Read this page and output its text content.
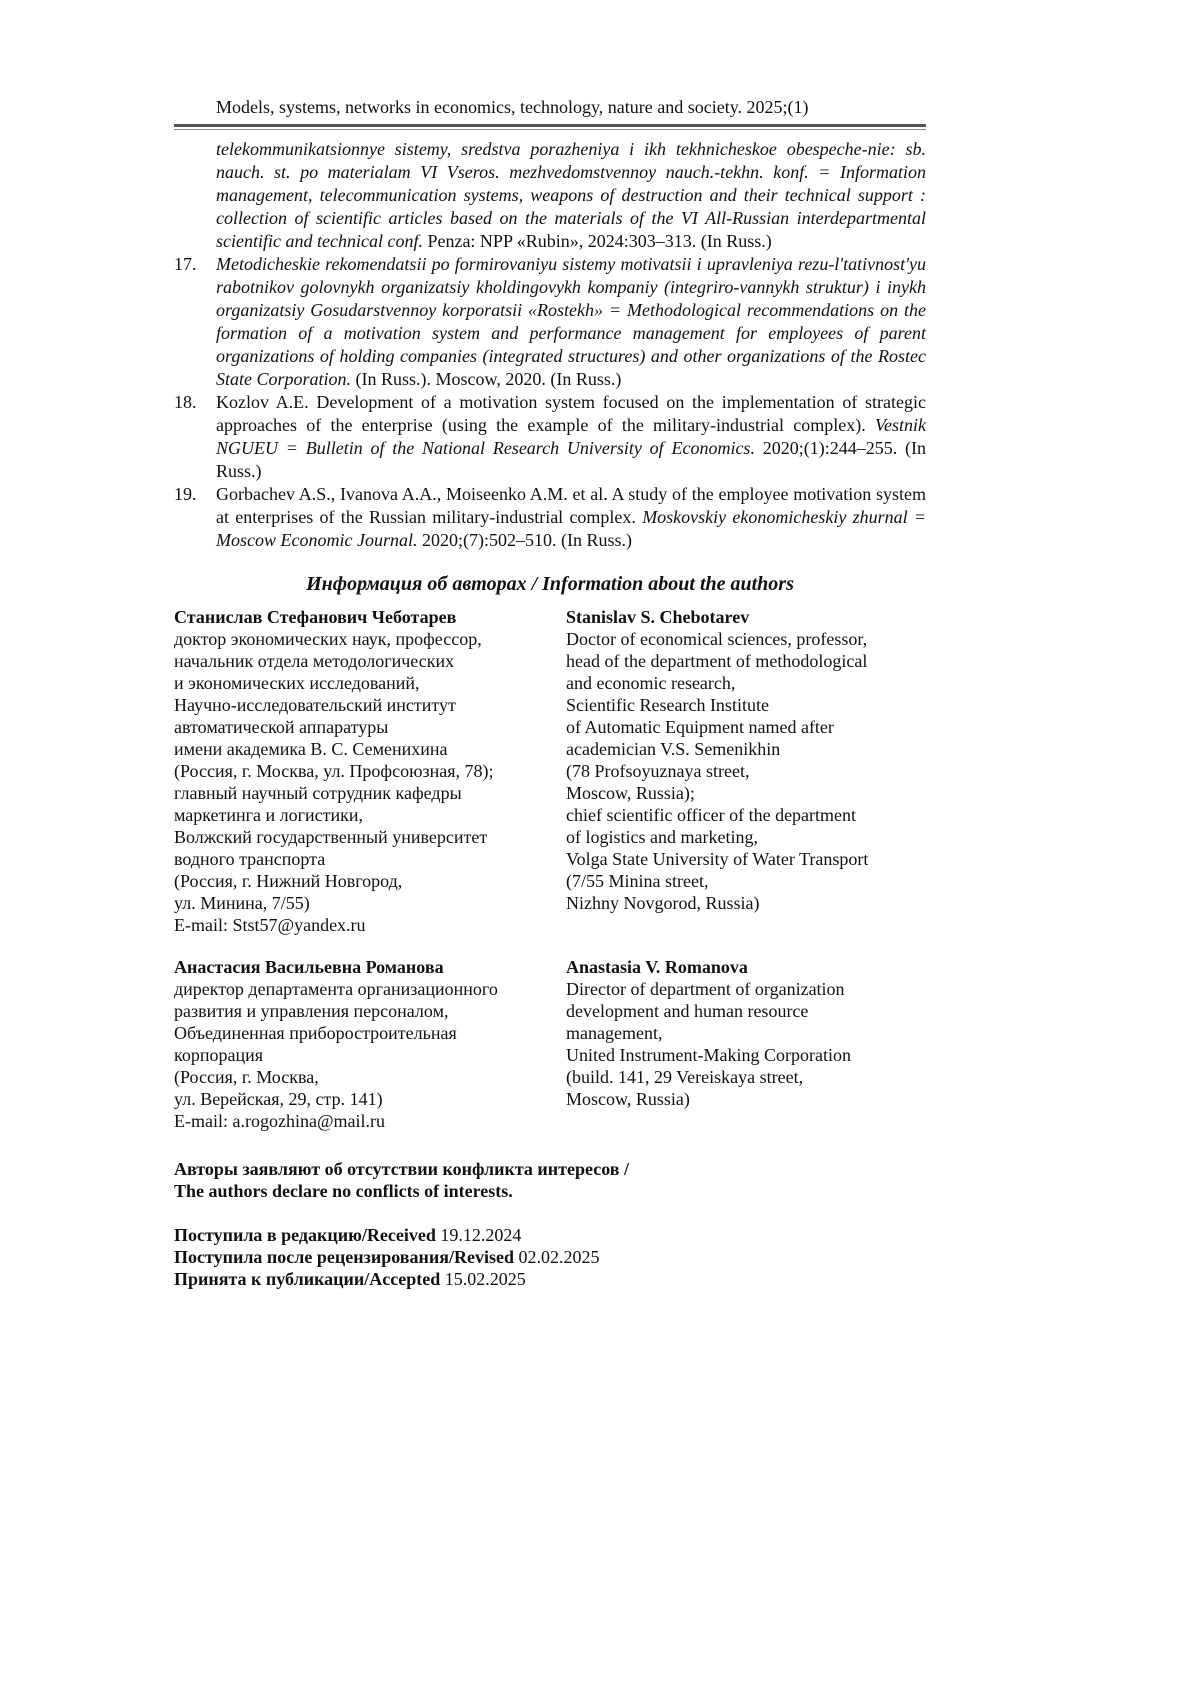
Models, systems, networks in economics, technology, nature and society. 2025;(1)

telekommunikatsionnye sistemy, sredstva porazheniya i ikh tekhnicheskoe obespeche-nie: sb. nauch. st. po materialam VI Vseros. mezhvedomstvennoy nauch.-tekhn. konf. = Information management, telecommunication systems, weapons of destruction and their technical support : collection of scientific articles based on the materials of the VI All-Russian interdepartmental scientific and technical conf. Penza: NPP «Rubin», 2024:303–313. (In Russ.)

17. Metodicheskie rekomendatsii po formirovaniyu sistemy motivatsii i upravleniya rezu-l'tativnost'yu rabotnikov golovnykh organizatsiy kholdingovykh kompaniy (integriro-vannykh struktur) i inykh organizatsiy Gosudarstvennoy korporatsii «Rostekh» = Methodological recommendations on the formation of a motivation system and performance management for employees of parent organizations of holding companies (integrated structures) and other organizations of the Rostec State Corporation. (In Russ.). Moscow, 2020. (In Russ.)

18. Kozlov A.E. Development of a motivation system focused on the implementation of strategic approaches of the enterprise (using the example of the military-industrial complex). Vestnik NGUEU = Bulletin of the National Research University of Economics. 2020;(1):244–255. (In Russ.)

19. Gorbachev A.S., Ivanova A.A., Moiseenko A.M. et al. A study of the employee motivation system at enterprises of the Russian military-industrial complex. Moskovskiy ekonomicheskiy zhurnal = Moscow Economic Journal. 2020;(7):502–510. (In Russ.)

Информация об авторах / Information about the authors
Станислав Стефанович Чеботарев
доктор экономических наук, профессор,
начальник отдела методологических
и экономических исследований,
Научно-исследовательский институт
автоматической аппаратуры
имени академика В. С. Семенихина
(Россия, г. Москва, ул. Профсоюзная, 78);
главный научный сотрудник кафедры
маркетинга и логистики,
Волжский государственный университет
водного транспорта
(Россия, г. Нижний Новгород,
ул. Минина, 7/55)
E-mail: Stst57@yandex.ru
Stanislav S. Chebotarev
Doctor of economical sciences, professor,
head of the department of methodological
and economic research,
Scientific Research Institute
of Automatic Equipment named after
academician V.S. Semenikhin
(78 Profsoyuznaya street,
Moscow, Russia);
chief scientific officer of the department
of logistics and marketing,
Volga State University of Water Transport
(7/55 Minina street,
Nizhny Novgorod, Russia)
Анастасия Васильевна Романова
директор департамента организационного
развития и управления персоналом,
Объединенная приборостроительная
корпорация
(Россия, г. Москва,
ул. Верейская, 29, стр. 141)
E-mail: a.rogozhina@mail.ru
Anastasia V. Romanova
Director of department of organization
development and human resource
management,
United Instrument-Making Corporation
(build. 141, 29 Vereiskaya street,
Moscow, Russia)
Авторы заявляют об отсутствии конфликта интересов /
The authors declare no conflicts of interests.
Поступила в редакцию/Received 19.12.2024
Поступила после рецензирования/Revised 02.02.2025
Принята к публикации/Accepted 15.02.2025
